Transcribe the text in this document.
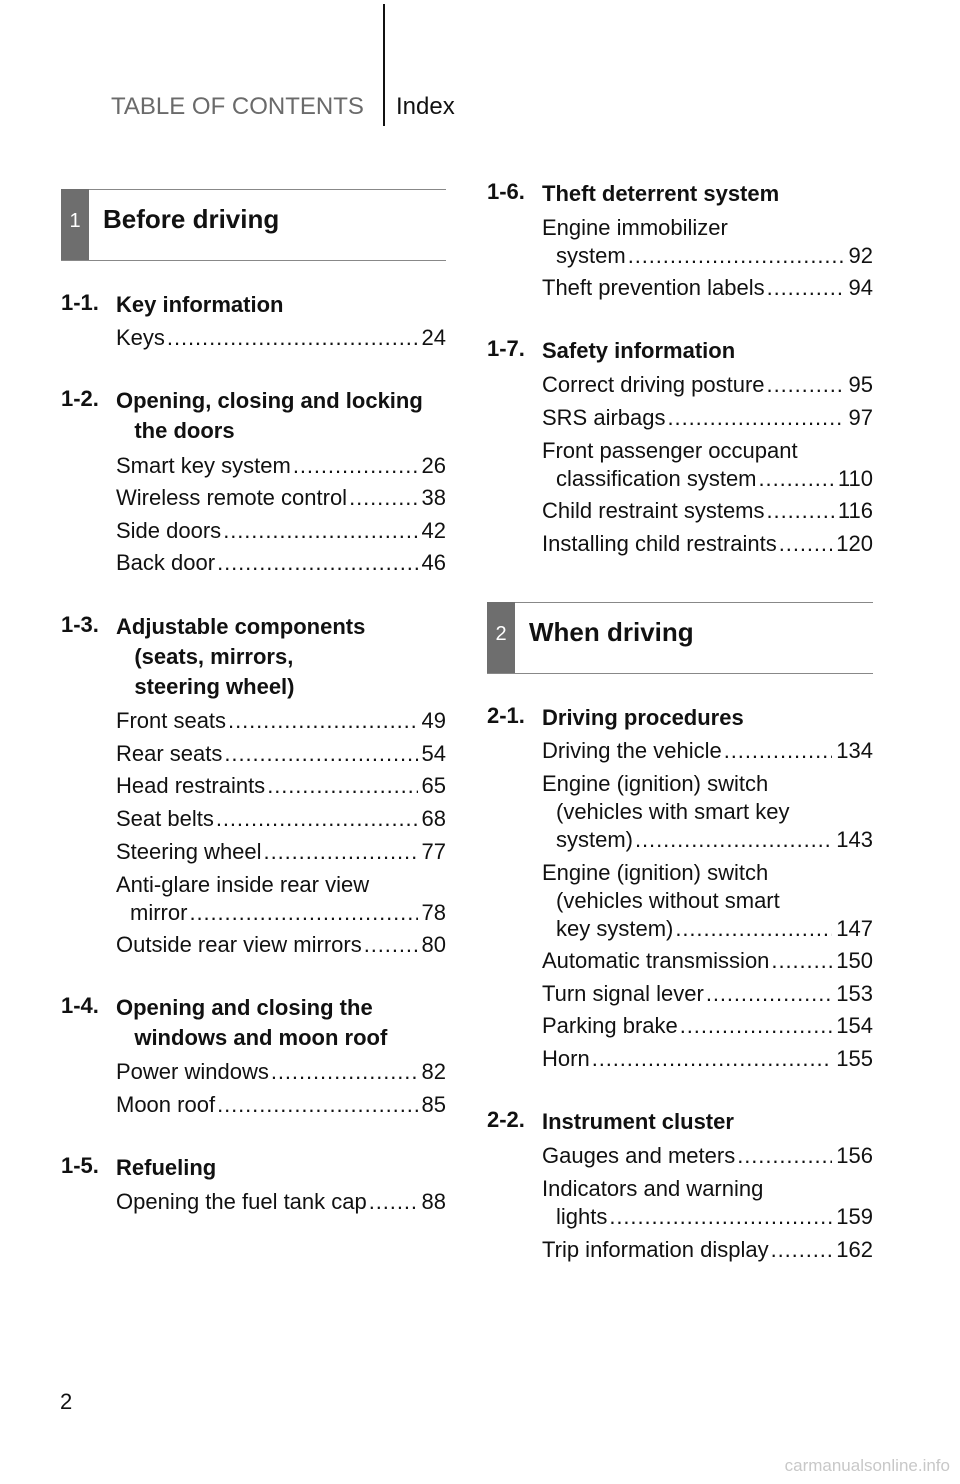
TABLE OF CONTENTS Index
1 Before driving
1-1. Key information
Keys . . .	24
1-2. Opening, closing and locking
the doors
Smart key system . . .	26
Wireless remote control . . .	38
Side doors . . .	42
Back door . . .	46
1-3. Adjustable components
(seats, mirrors,
steering wheel)
Front seats . . .	49
Rear seats . . .	54
Head restraints . . .	65
Seat belts . . .	68
Steering wheel . . .	77
Anti-glare inside rear view
mirror . . .	78
Outside rear view mirrors . . .	80
1-4. Opening and closing the
windows and moon roof
Power windows . . .	82
Moon roof . . .	85
1-5. Refueling
Opening the fuel tank cap . . . 88
1-6. Theft deterrent system
Engine immobilizer
system . . .	92
Theft prevention labels . . .	94
1-7. Safety information
Correct driving posture . . .	95
SRS airbags . . .	97
Front passenger occupant
classification system . . .	110
Child restraint systems . . .	116
Installing child restraints . . .	120
2 When driving
2-1. Driving procedures
Driving the vehicle . . .	134
Engine (ignition) switch
(vehicles with smart key
system) . . .	143
Engine (ignition) switch
(vehicles without smart
key system) . . .	147
Automatic transmission . . .	150
Turn signal lever . . .	153
Parking brake . . .	154
Horn . . .	155
2-2. Instrument cluster
Gauges and meters . . .	156
Indicators and warning
lights . . .	159
Trip information display . . .	162
2
carmanualsonline.info
